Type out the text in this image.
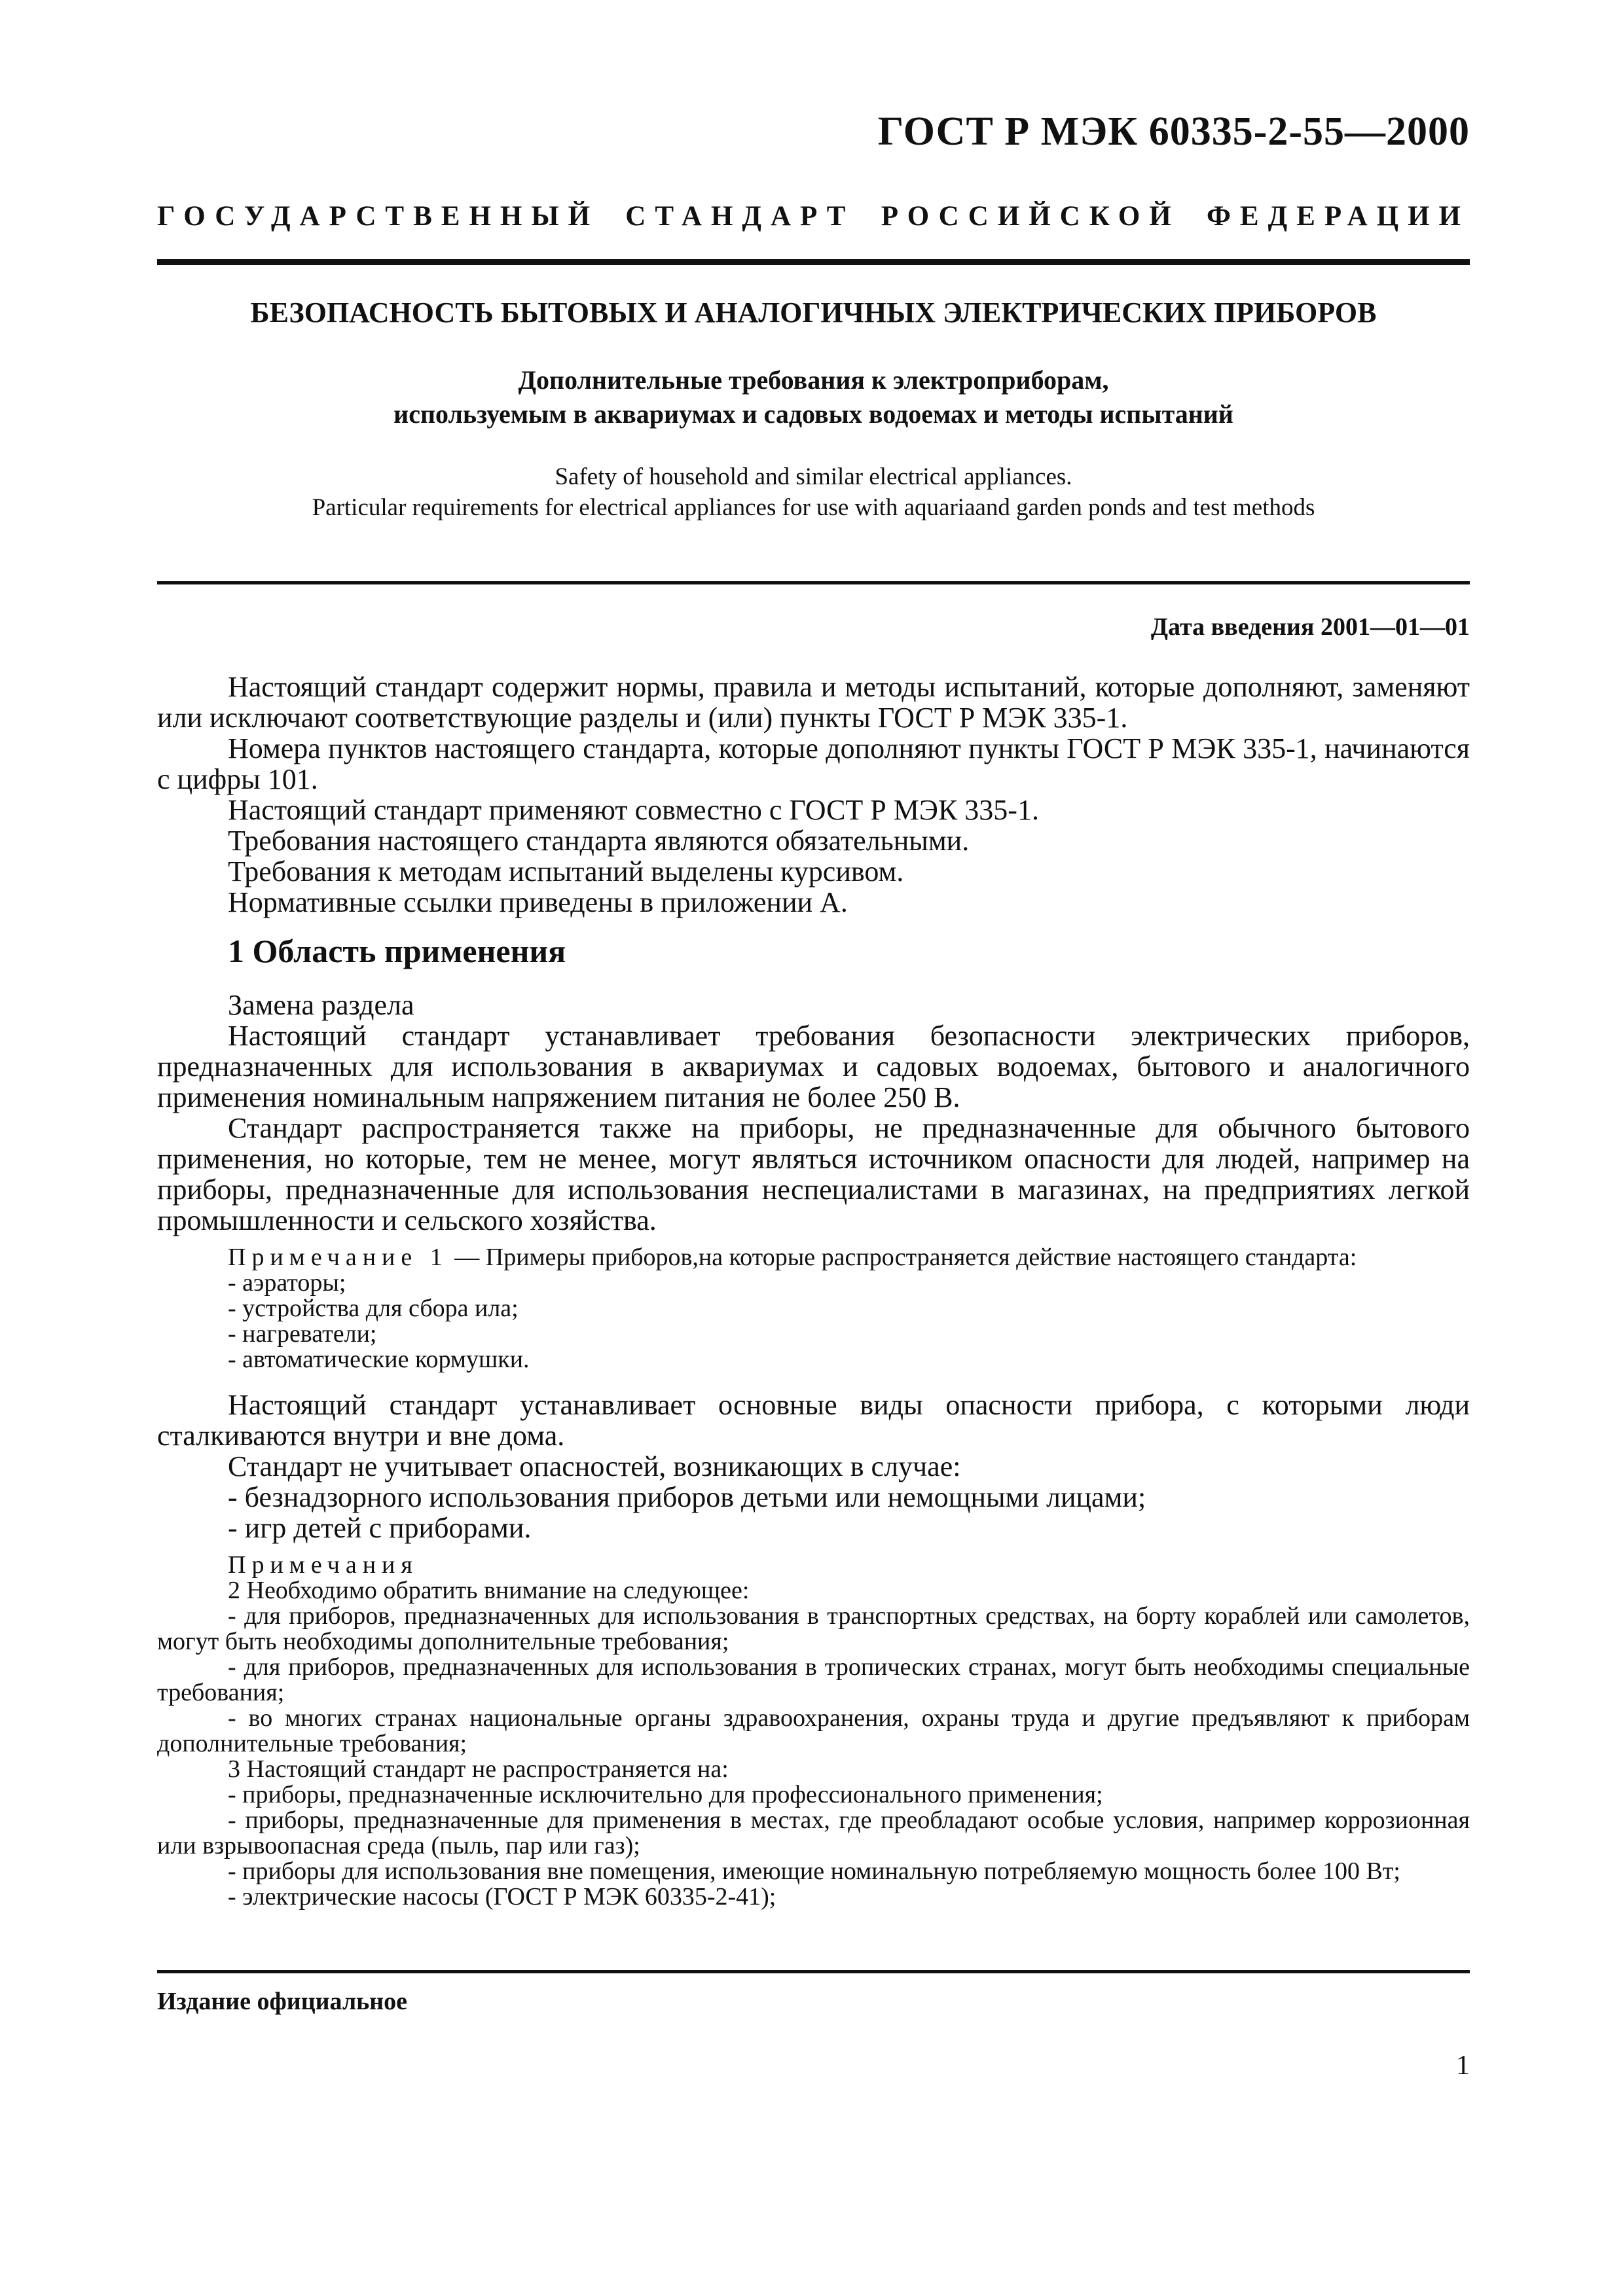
ГОСТ Р МЭК 60335-2-55—2000
ГОСУДАРСТВЕННЫЙ СТАНДАРТ РОССИЙСКОЙ ФЕДЕРАЦИИ
БЕЗОПАСНОСТЬ БЫТОВЫХ И АНАЛОГИЧНЫХ ЭЛЕКТРИЧЕСКИХ ПРИБОРОВ
Дополнительные требования к электроприборам,
используемым в аквариумах и садовых водоемах и методы испытаний
Safety of household and similar electrical appliances.
Particular requirements for electrical appliances for use with aquariaand garden ponds and test methods
Дата введения 2001—01—01

Настоящий стандарт содержит нормы, правила и методы испытаний, которые дополняют, заменяют или исключают соответствующие разделы и (или) пункты ГОСТ Р МЭК 335-1.

Номера пунктов настоящего стандарта, которые дополняют пункты ГОСТ Р МЭК 335-1, начинаются с цифры 101.

Настоящий стандарт применяют совместно с ГОСТ Р МЭК 335-1.

Требования настоящего стандарта являются обязательными.

Требования к методам испытаний выделены курсивом.

Нормативные ссылки приведены в приложении А.

1 Область применения

Замена раздела

Настоящий стандарт устанавливает требования безопасности электрических приборов, предназначенных для использования в аквариумах и садовых водоемах, бытового и аналогичного применения номинальным напряжением питания не более 250 В.

Стандарт распространяется также на приборы, не предназначенные для обычного бытового применения, но которые, тем не менее, могут являться источником опасности для людей, например на приборы, предназначенные для использования неспециалистами в магазинах, на предприятиях легкой промышленности и сельского хозяйства.

Примечание 1 — Примеры приборов,на которые распространяется действие настоящего стандарта:

- аэраторы;

- устройства для сбора ила;

- нагреватели;

- автоматические кормушки.

Настоящий стандарт устанавливает основные виды опасности прибора, с которыми люди сталкиваются внутри и вне дома.

Стандарт не учитывает опасностей, возникающих в случае:

- безнадзорного использования приборов детьми или немощными лицами;

- игр детей с приборами.

Примечания

2 Необходимо обратить внимание на следующее:

- для приборов, предназначенных для использования в транспортных средствах, на борту кораблей или самолетов, могут быть необходимы дополнительные требования;

- для приборов, предназначенных для использования в тропических странах, могут быть необходимы специальные требования;

- во многих странах национальные органы здравоохранения, охраны труда и другие предъявляют к приборам дополнительные требования;

3 Настоящий стандарт не распространяется на:

- приборы, предназначенные исключительно для профессионального применения;

- приборы, предназначенные для применения в местах, где преобладают особые условия, например коррозионная или взрывоопасная среда (пыль, пар или газ);

- приборы для использования вне помещения, имеющие номинальную потребляемую мощность более 100 Вт;

- электрические насосы (ГОСТ Р МЭК 60335-2-41);

Издание официальное
1
